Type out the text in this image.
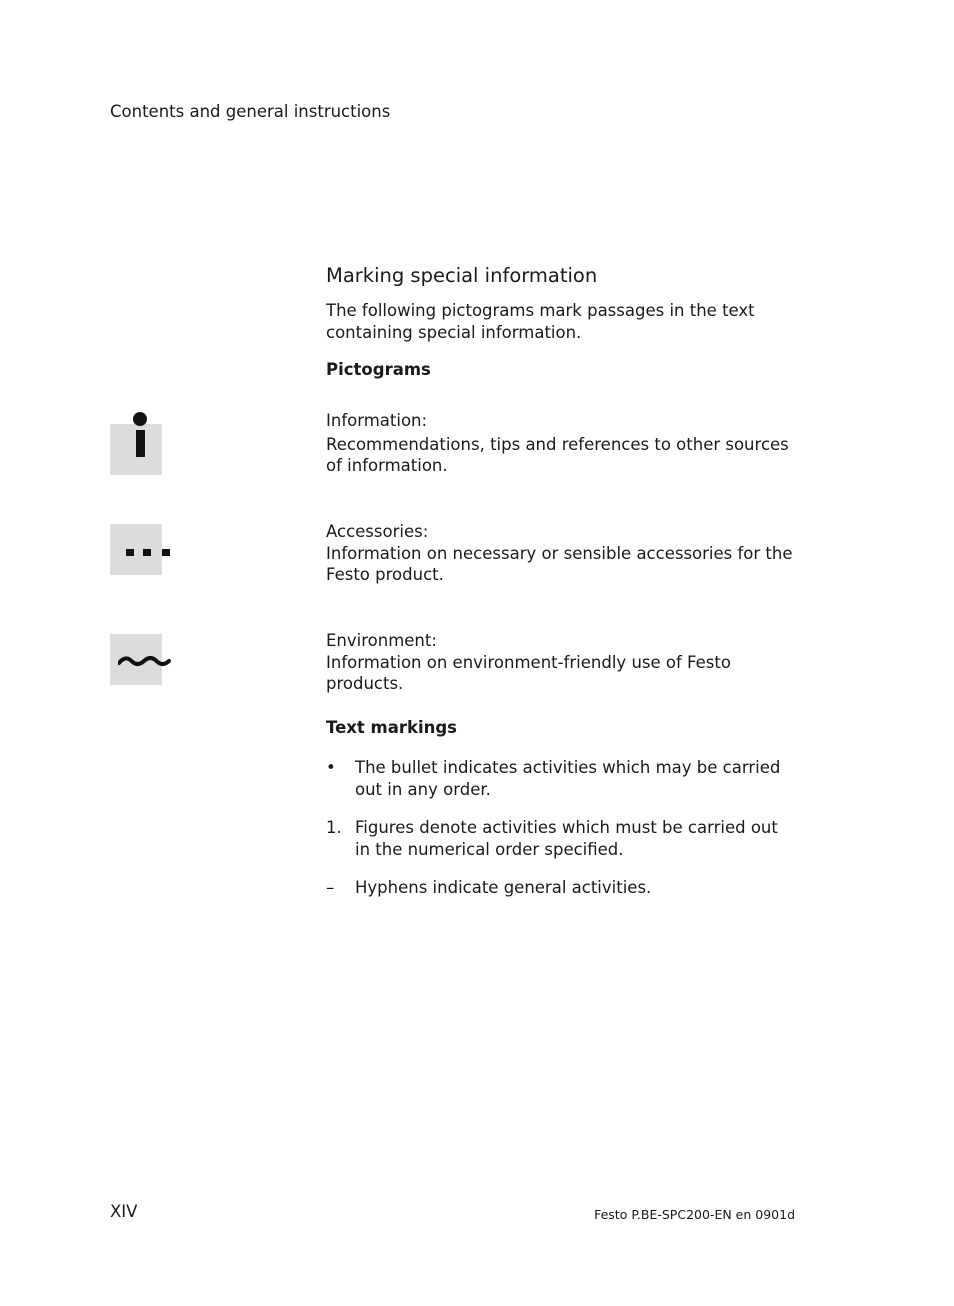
Contents and general instructions
Marking special information
The following pictograms mark passages in the text containing special information.
Pictograms
Information:
Recommendations, tips and references to other sources of information.
Accessories:
Information on necessary or sensible accessories for the Festo product.
Environment:
Information on environment-friendly use of Festo products.
Text markings
• The bullet indicates activities which may be carried out in any order.
1. Figures denote activities which must be carried out in the numerical order specified.
– Hyphens indicate general activities.
XIV	Festo P.BE-SPC200-EN en 0901d
